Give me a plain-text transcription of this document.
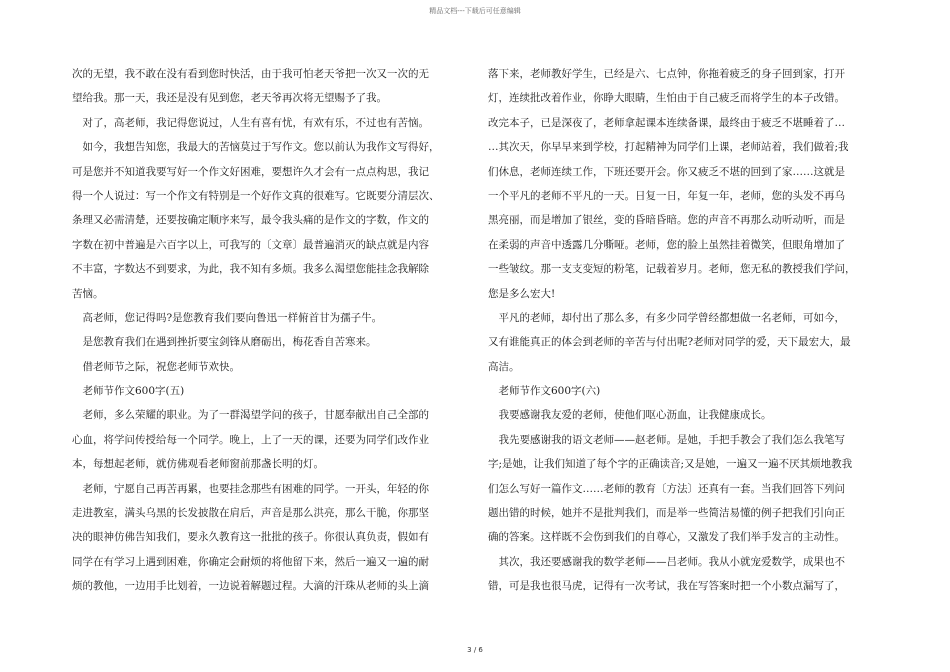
精品文档---下载后可任意编辑
次的无望，我不敢在没有看到您时快活，由于我可怕老天爷把一次又一次的无
望给我。那一天，我还是没有见到您，老天爷再次将无望赐予了我。
　对了，高老师，我记得您说过，人生有喜有忧，有欢有乐，不过也有苦恼。
　如今，我想告知您，我最大的苦恼莫过于写作文。您以前认为我作文写得好，
可是您并不知道我要写好一个作文好困难，要想许久才会有一点点构思，我记
得一个人说过：写一个作文有特别是一个好作文真的很难写。它既要分清层次、
条理又必需清楚，还要按确定顺序来写，最令我头痛的是作文的字数，作文的
字数在初中普遍是六百字以上，可我写的〔文章〕最普遍消灭的缺点就是内容
不丰富，字数达不到要求，为此，我不知有多烦。我多么渴望您能挂念我解除
苦恼。
　高老师，您记得吗?是您教育我们要向鲁迅一样俯首甘为孺子牛。
　是您教育我们在遇到挫折要宝剑锋从磨砺出，梅花香自苦寒来。
　借老师节之际，祝您老师节欢快。
　老师节作文600字(五)
　老师，多么荣耀的职业。为了一群渴望学问的孩子，甘愿奉献出自己全部的
心血，将学问传授给每一个同学。晚上，上了一天的课，还要为同学们改作业
本，每想起老师，就仿佛观看老师窗前那盏长明的灯。
　老师，宁愿自己再苦再累，也要挂念那些有困难的同学。一开头，年轻的你
走进教室，满头乌黑的长发披散在肩后，声音是那么洪亮，那么干脆，你那坚
决的眼神仿佛告知我们，要永久教育这一批批的孩子。你很认真负责，假如有
同学在有学习上遇到困难，你确定会耐烦的将他留下来，然后一遍又一遍的耐
烦的教他，一边用手比划着，一边说着解题过程。大滴的汗珠从老师的头上滴
落下来，老师教好学生，已经是六、七点钟，你拖着疲乏的身子回到家，打开
灯，连续批改着作业，你睁大眼睛，生怕由于自己疲乏而将学生的本子改错。
改完本子，已是深夜了，老师拿起课本连续备课，最终由于疲乏不堪睡着了…
…其次天，你早早来到学校，打起精神为同学们上课，老师站着，我们做着;我
们休息，老师连续工作，下班还要开会。你又疲乏不堪的回到了家……这就是
一个平凡的老师不平凡的一天。日复一日，年复一年，老师，您的头发不再乌
黑亮丽，而是增加了银丝，变的昏暗昏暗。您的声音不再那么动听动听，而是
在柔弱的声音中透露几分嘶哑。老师，您的脸上虽然挂着微笑，但眼角增加了
一些皱纹。那一支支变短的粉笔，记载着岁月。老师，您无私的教授我们学问，
您是多么宏大!
　平凡的老师，却付出了那么多，有多少同学曾经都想做一名老师，可如今，
又有谁能真正的体会到老师的辛苦与付出呢?老师对同学的爱，天下最宏大，最
高洁。
　老师节作文600字(六)
　我要感谢我友爱的老师，使他们呕心沥血，让我健康成长。
　我先要感谢我的语文老师——赵老师。是她，手把手教会了我们怎么我笔写
字;是她，让我们知道了每个字的正确读音;又是她，一遍又一遍不厌其烦地教我
们怎么写好一篇作文……老师的教育〔方法〕还真有一套。当我们回答下列问
题出错的时候，她并不是批判我们，而是举一些简洁易懂的例子把我们引向正
确的答案。这样既不会伤到我们的自尊心，又激发了我们举手发言的主动性。
　其次，我还要感谢我的数学老师——吕老师。我从小就宠爱数学，成果也不
错，可是我也很马虎，记得有一次考试，我在写答案时把一个小数点漏写了，
3 / 6
